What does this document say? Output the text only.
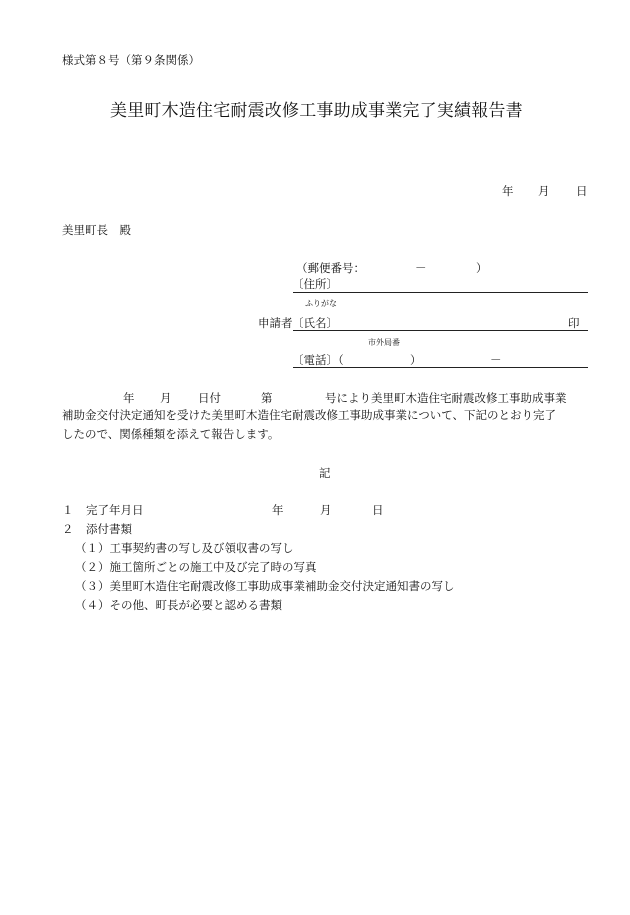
様式第８号（第９条関係）
美里町木造住宅耐震改修工事助成事業完了実績報告書
年 月 日
美里町長　殿
（郵便番号：	－	）
〔住所〕
ふりがな
申請者 〔氏名〕	印
市外局番
〔電話〕（	）	－
年 月 日付	第	号により美里町木造住宅耐震改修工事助成事業
補助金交付決定通知を受けた美里町木造住宅耐震改修工事助成事業について、下記のとおり完了
したので、関係種類を添えて報告します。
記
１ 完了年月日	年	月	日
２ 添付書類
（１）工事契約書の写し及び領収書の写し
（２）施工箇所ごとの施工中及び完了時の写真
（３）美里町木造住宅耐震改修工事助成事業補助金交付決定通知書の写し
（４）その他、町長が必要と認める書類
